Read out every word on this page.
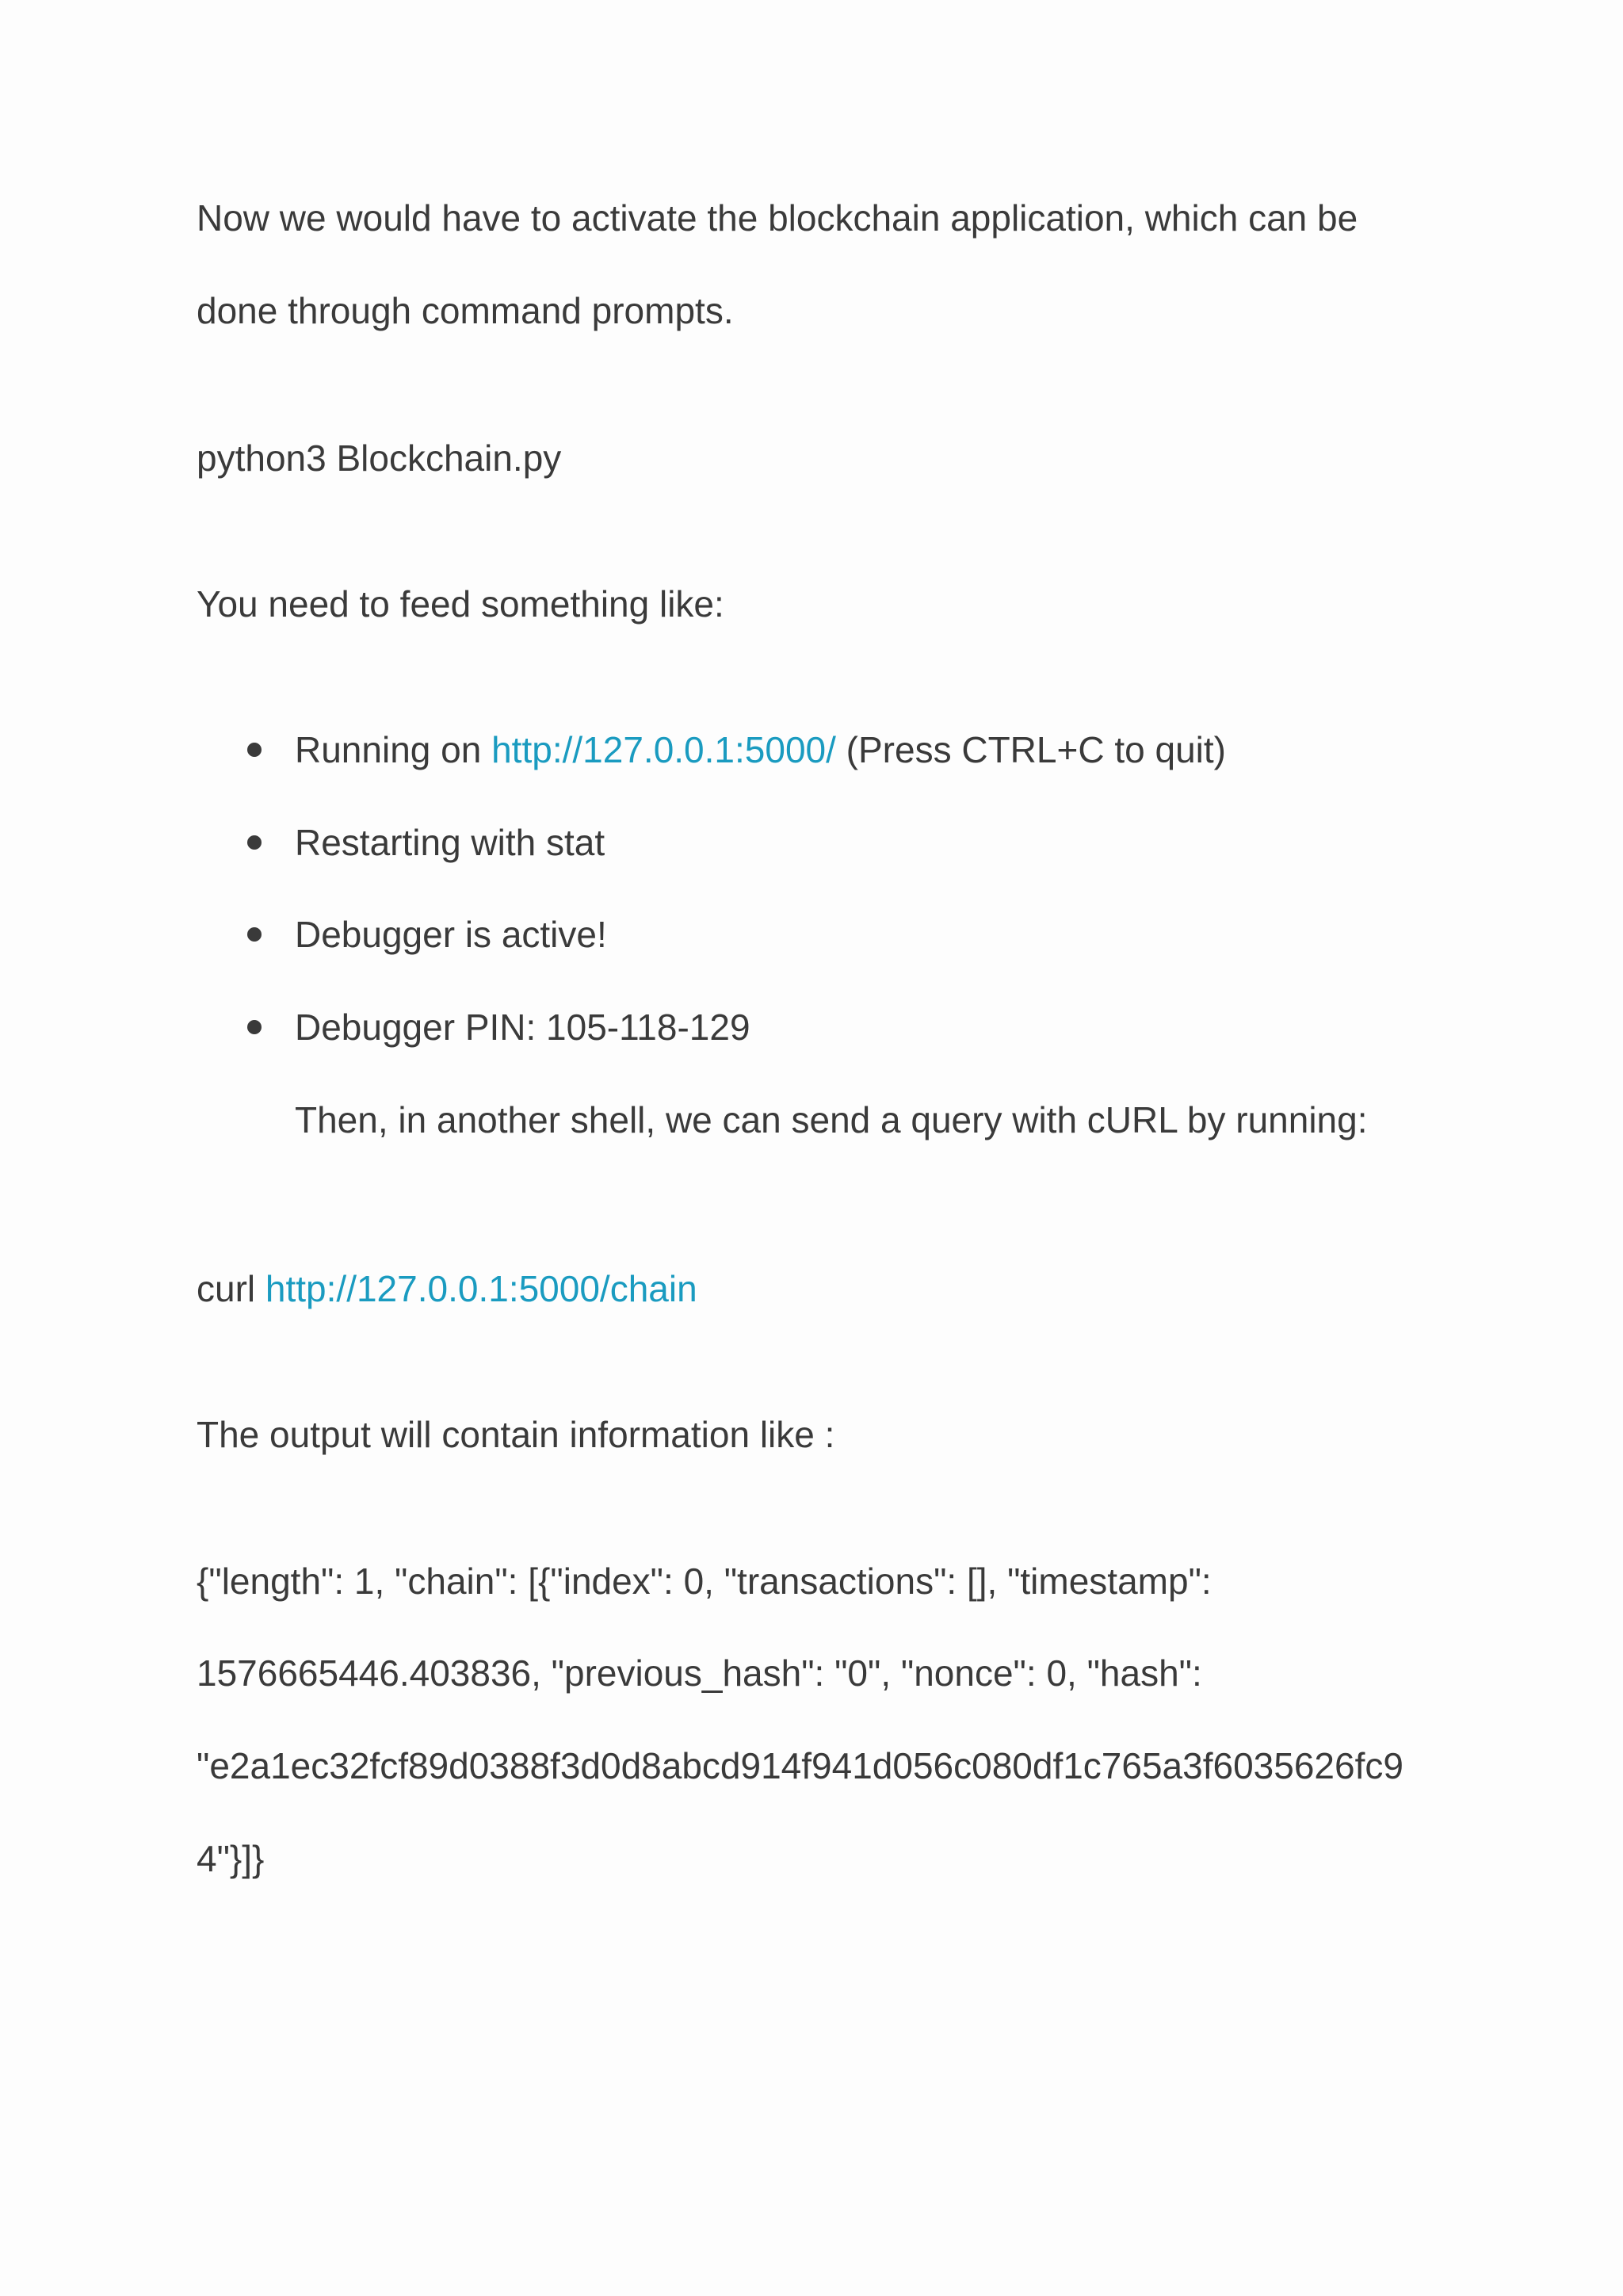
Now we would have to activate the blockchain application, which can be

done through command prompts.

python3 Blockchain.py

You need to feed something like:

Running on http://127.0.0.1:5000/ (Press CTRL+C to quit)
Restarting with stat
Debugger is active!
Debugger PIN: 105-118-129

Then, in another shell, we can send a query with cURL by running:

curl http://127.0.0.1:5000/chain

The output will contain information like :

{"length": 1, "chain": [{"index": 0, "transactions": [], "timestamp":

1576665446.403836, "previous_hash": "0", "nonce": 0, "hash":

"e2a1ec32fcf89d0388f3d0d8abcd914f941d056c080df1c765a3f6035626fc9

4"}]}
